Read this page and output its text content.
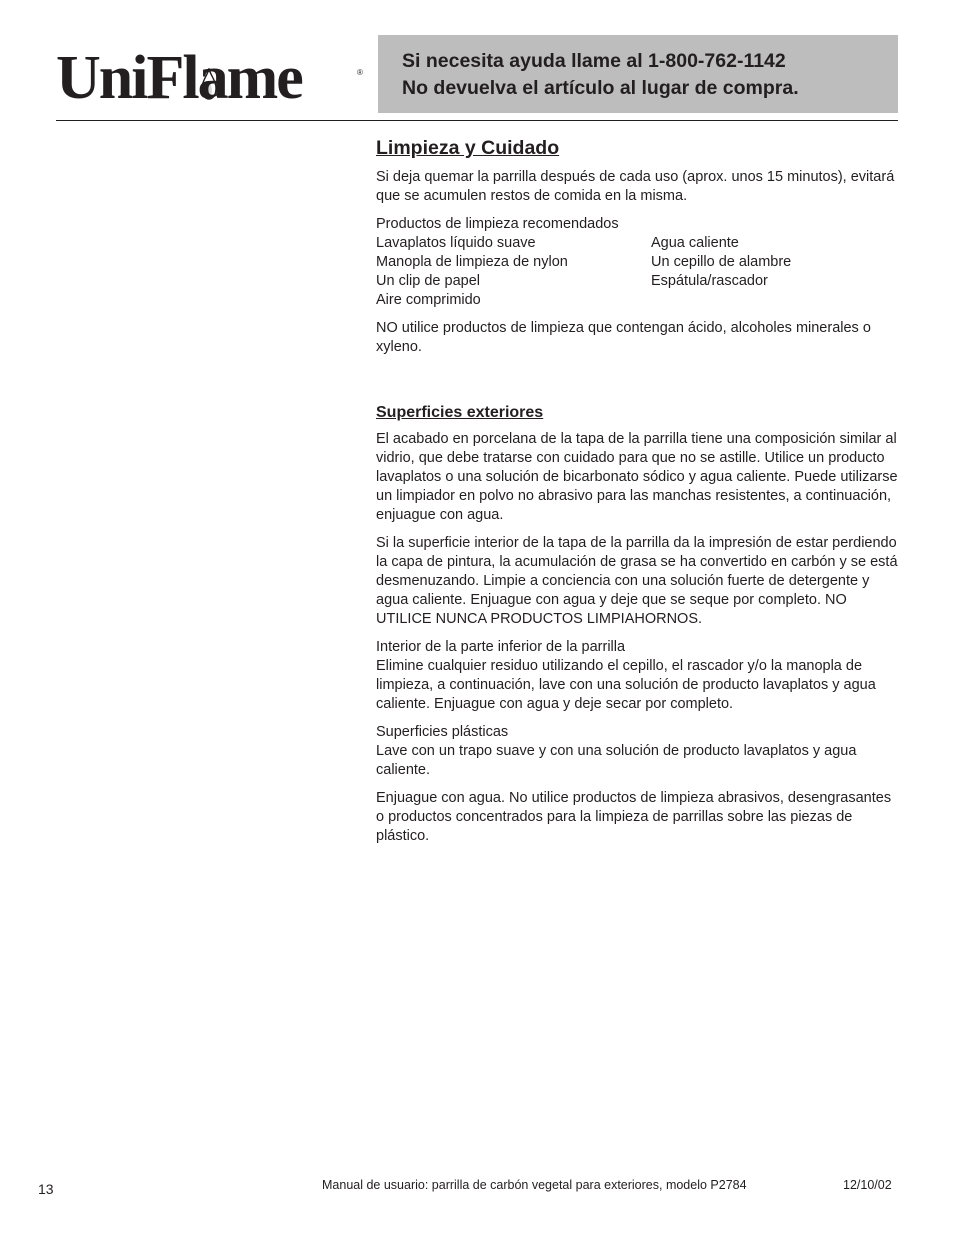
UniFlame	®
Si necesita ayuda llame al 1-800-762-1142
No devuelva el artículo al lugar de compra.
Limpieza y Cuidado

Si deja quemar la parrilla después de cada uso (aprox. unos 15 minutos), evitará que se acumulen restos de comida en la misma.

Productos de limpieza recomendados
Lavaplatos líquido suave	Agua caliente
Manopla de limpieza de nylon	Un cepillo de alambre
Un clip de papel	Espátula/rascador
Aire comprimido

NO utilice productos de limpieza que contengan ácido, alcoholes minerales o xyleno.

Superficies exteriores

El acabado en porcelana de la tapa de la parrilla tiene una composición similar al vidrio, que debe tratarse con cuidado para que no se astille. Utilice un producto lavaplatos o una solución de bicarbonato sódico y agua caliente. Puede utilizarse un limpiador en polvo no abrasivo para las manchas resistentes, a continuación, enjuague con agua.

Si la superficie interior de la tapa de la parrilla da la impresión de estar perdiendo la capa de pintura, la acumulación de grasa se ha convertido en carbón y se está desmenuzando. Limpie a conciencia con una solución fuerte de detergente y agua caliente. Enjuague con agua y deje que se seque por completo. NO UTILICE NUNCA PRODUCTOS LIMPIAHORNOS.

Interior de la parte inferior de la parrilla
Elimine cualquier residuo utilizando el cepillo, el rascador y/o la manopla de limpieza, a continuación, lave con una solución de producto lavaplatos y agua caliente. Enjuague con agua y deje secar por completo.

Superficies plásticas
Lave con un trapo suave y con una solución de producto lavaplatos y agua caliente.

Enjuague con agua. No utilice productos de limpieza abrasivos, desengrasantes o productos concentrados para la limpieza de parrillas sobre las piezas de plástico.

13	Manual de usuario: parrilla de carbón vegetal para exteriores, modelo P2784	12/10/02
